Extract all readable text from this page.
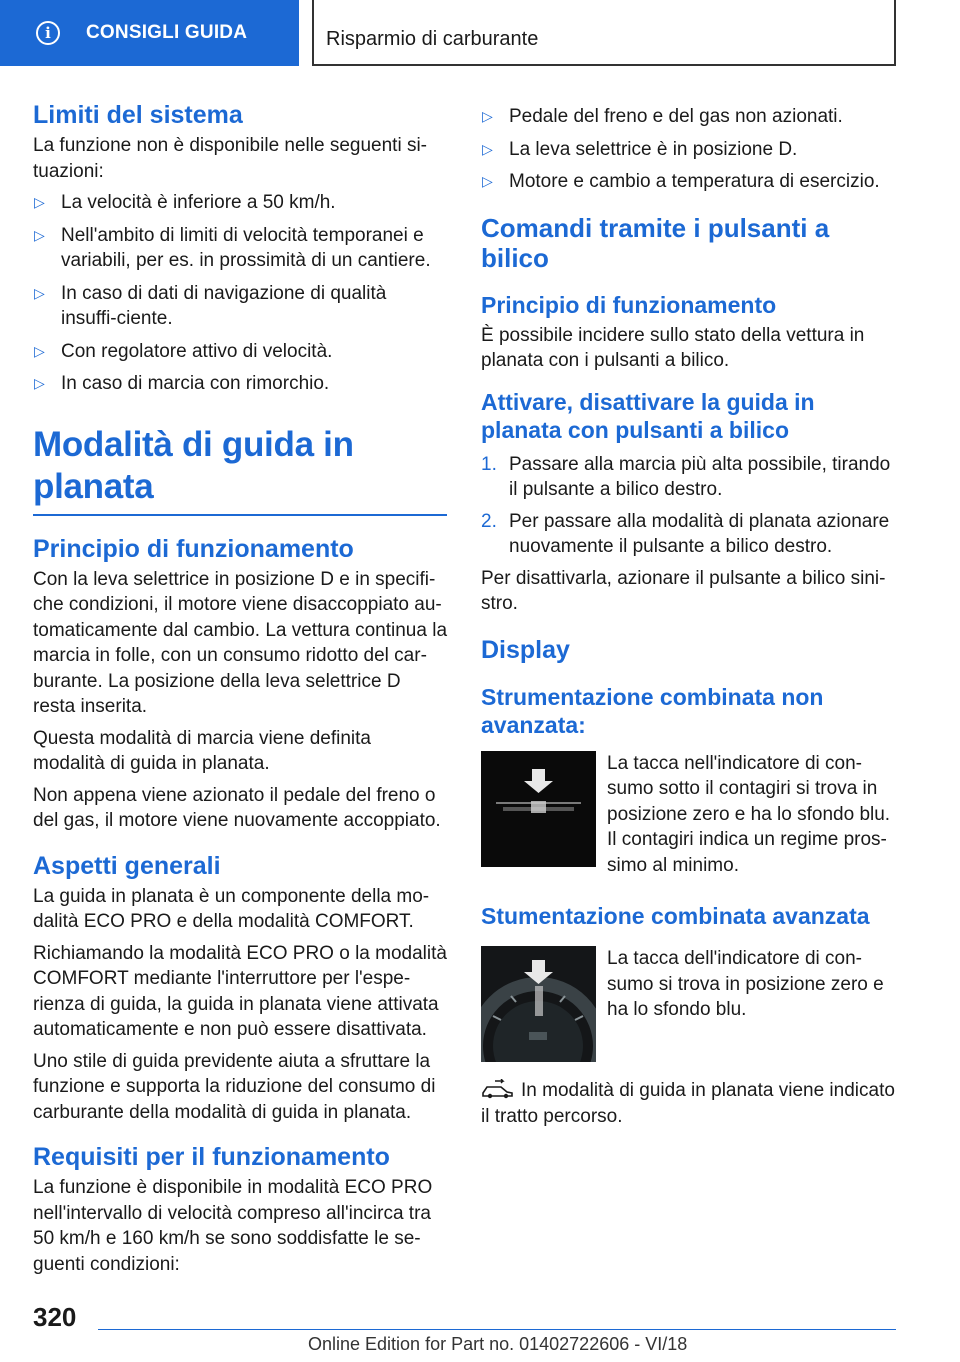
i	CONSIGLI GUIDA	Risparmio di carburante
Limiti del sistema
La funzione non è disponibile nelle seguenti si-tuazioni:
▷ La velocità è inferiore a 50 km/h.
▷ Nell'ambito di limiti di velocità temporanei e variabili, per es. in prossimità di un cantiere.
▷ In caso di dati di navigazione di qualità insuffi-ciente.
▷ Con regolatore attivo di velocità.
▷ In caso di marcia con rimorchio.
Modalità di guida in planata
Principio di funzionamento
Con la leva selettrice in posizione D e in specifi-che condizioni, il motore viene disaccoppiato au-tomaticamente dal cambio. La vettura continua la marcia in folle, con un consumo ridotto del car-burante. La posizione della leva selettrice D resta inserita.
Questa modalità di marcia viene definita modalità di guida in planata.
Non appena viene azionato il pedale del freno o del gas, il motore viene nuovamente accoppiato.
Aspetti generali
La guida in planata è un componente della mo-dalità ECO PRO e della modalità COMFORT.
Richiamando la modalità ECO PRO o la modalità COMFORT mediante l'interruttore per l'espe-rienza di guida, la guida in planata viene attivata automaticamente e non può essere disattivata.
Uno stile di guida previdente aiuta a sfruttare la funzione e supporta la riduzione del consumo di carburante della modalità di guida in planata.
Requisiti per il funzionamento
La funzione è disponibile in modalità ECO PRO nell'intervallo di velocità compreso all'incirca tra 50 km/h e 160 km/h se sono soddisfatte le se-guenti condizioni:
▷ Pedale del freno e del gas non azionati.
▷ La leva selettrice è in posizione D.
▷ Motore e cambio a temperatura di esercizio.
Comandi tramite i pulsanti a bilico
Principio di funzionamento
È possibile incidere sullo stato della vettura in planata con i pulsanti a bilico.
Attivare, disattivare la guida in planata con pulsanti a bilico
1. Passare alla marcia più alta possibile, tirando il pulsante a bilico destro.
2. Per passare alla modalità di planata azionare nuovamente il pulsante a bilico destro.
Per disattivarla, azionare il pulsante a bilico sini-stro.
Display
Strumentazione combinata non avanzata:
La tacca nell'indicatore di con-sumo sotto il contagiri si trova in posizione zero e ha lo sfondo blu. Il contagiri indica un regime pros-simo al minimo.
Stumentazione combinata avanzata
La tacca dell'indicatore di con-sumo si trova in posizione zero e ha lo sfondo blu.
In modalità di guida in planata viene indicato il tratto percorso.
320
Online Edition for Part no. 01402722606 - VI/18
